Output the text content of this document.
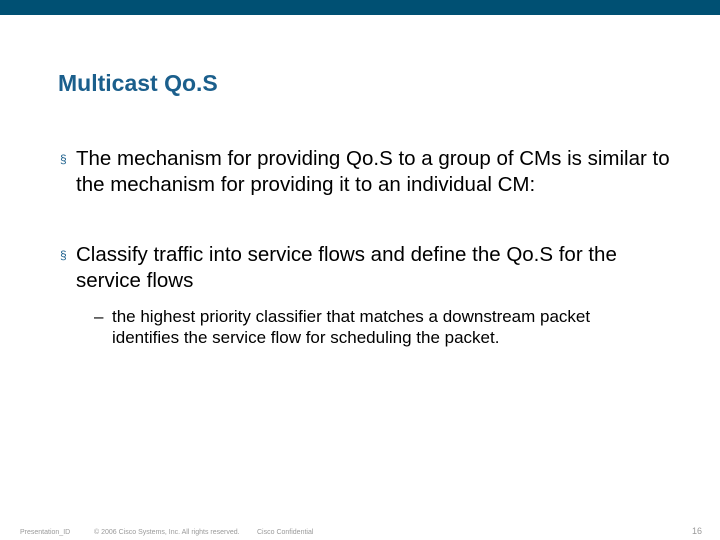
Multicast Qo.S
§ The mechanism for providing Qo.S to a group of CMs is similar to the mechanism for providing it to an individual CM:
§ Classify traffic into service flows and define the Qo.S for the service flows
– the highest priority classifier that matches a downstream packet identifies the service flow for scheduling the packet.
Presentation_ID	© 2006 Cisco Systems, Inc. All rights reserved. Cisco Confidential	16
